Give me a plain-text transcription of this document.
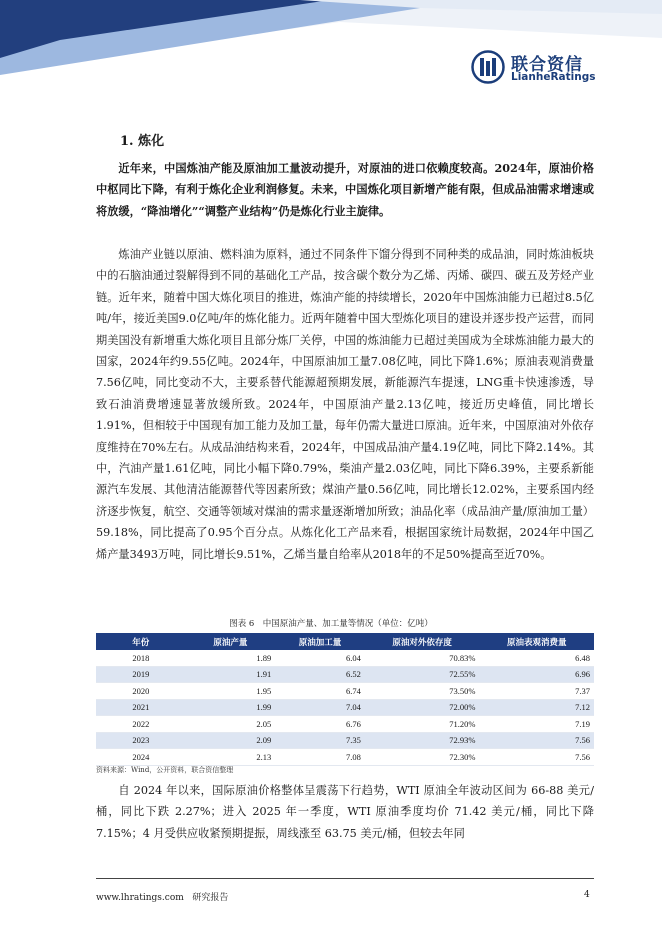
联合资信
LianheRatings
1. 炼化

近年来，中国炼油产能及原油加工量波动提升，对原油的进口依赖度较高。2024年，原油价格中枢同比下降，有利于炼化企业利润修复。未来，中国炼化项目新增产能有限，但成品油需求增速或将放缓，“降油增化”“调整产业结构”仍是炼化行业主旋律。

炼油产业链以原油、燃料油为原料，通过不同条件下馏分得到不同种类的成品油，同时炼油板块中的石脑油通过裂解得到不同的基础化工产品，按含碳个数分为乙烯、丙烯、碳四、碳五及芳烃产业链。近年来，随着中国大炼化项目的推进，炼油产能的持续增长，2020年中国炼油能力已超过8.5亿吨/年，接近美国9.0亿吨/年的炼化能力。近两年随着中国大型炼化项目的建设并逐步投产运营，而同期美国没有新增重大炼化项目且部分炼厂关停，中国的炼油能力已超过美国成为全球炼油能力最大的国家，2024年约9.55亿吨。2024年，中国原油加工量7.08亿吨，同比下降1.6%；原油表观消费量7.56亿吨，同比变动不大，主要系替代能源超预期发展，新能源汽车提速，LNG重卡快速渗透，导致石油消费增速显著放缓所致。2024年，中国原油产量2.13亿吨，接近历史峰值，同比增长1.91%，但相较于中国现有加工能力及加工量，每年仍需大量进口原油。近年来，中国原油对外依存度维持在70%左右。从成品油结构来看，2024年，中国成品油产量4.19亿吨，同比下降2.14%。其中，汽油产量1.61亿吨，同比小幅下降0.79%，柴油产量2.03亿吨，同比下降6.39%，主要系新能源汽车发展、其他清洁能源替代等因素所致；煤油产量0.56亿吨，同比增长12.02%，主要系国内经济逐步恢复，航空、交通等领域对煤油的需求量逐渐增加所致；油品化率（成品油产量/原油加工量）59.18%，同比提高了0.95个百分点。从炼化化工产品来看，根据国家统计局数据，2024年中国乙烯产量3493万吨，同比增长9.51%，乙烯当量自给率从2018年的不足50%提高至近70%。

图表 6　中国原油产量、加工量等情况（单位：亿吨）
年份	原油产量	原油加工量	原油对外依存度	原油表观消费量
2018	1.89	6.04	70.83%	6.48
2019	1.91	6.52	72.55%	6.96
2020	1.95	6.74	73.50%	7.37
2021	1.99	7.04	72.00%	7.12
2022	2.05	6.76	71.20%	7.19
2023	2.09	7.35	72.93%	7.56
2024	2.13	7.08	72.30%	7.56
资料来源：Wind，公开资料，联合资信整理

自 2024 年以来，国际原油价格整体呈震荡下行趋势，WTI 原油全年波动区间为 66-88 美元/桶，同比下跌 2.27%；进入 2025 年一季度，WTI 原油季度均价 71.42 美元/桶，同比下降 7.15%；4 月受供应收紧预期提振，周线涨至 63.75 美元/桶，但较去年同

www.lhratings.com 研究报告	4
